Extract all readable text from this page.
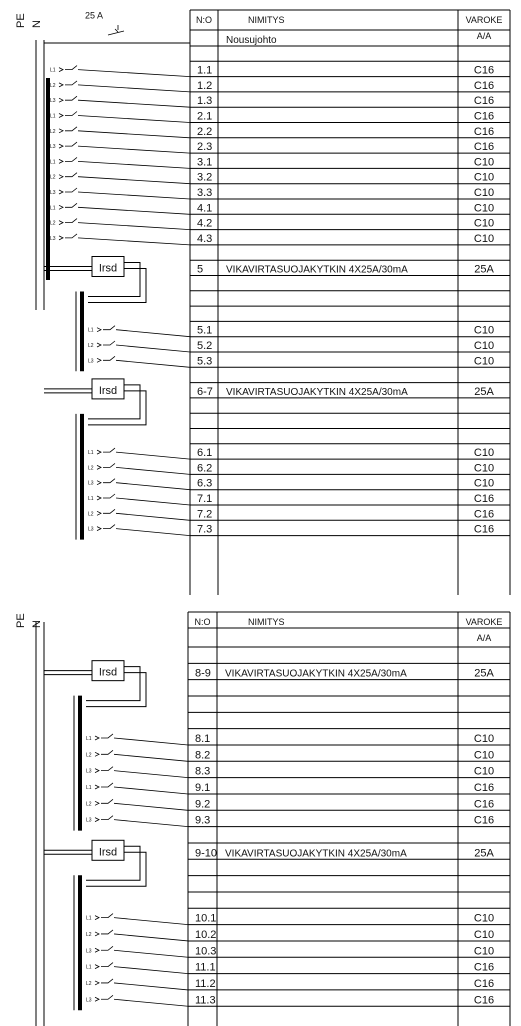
PE N	N:O	NIMITYS	VAROKE
A/A
Nousujohto
25 A
1.1	C16
L1
1.2	C16
L2
1.3	C16
L3
2.1	C16
L1
2.2	C16
L2
2.3	C16
L3
3.1	C10
L1
3.2	C10
L2
3.3	C10
L3
4.1	C10
L1
4.2	C10
L2
4.3	C10
L3
5 VIKAVIRTASUOJAKYTKIN 4X25A/30mA	25A
Irsd
5.1	C10
L1
5.2	C10
L2
5.3	C10
L3
6-7 VIKAVIRTASUOJAKYTKIN 4X25A/30mA	25A
Irsd
6.1	C10
L1
6.2	C10
L2
6.3	C10
L3
7.1	C16
L1
7.2	C16
L2
7.3	C16
L3
PE N	N:O	NIMITYS	VAROKE
A/A
8-9 VIKAVIRTASUOJAKYTKIN 4X25A/30mA	25A
Irsd
8.1	C10
L1
8.2	C10
L2
8.3	C10
L3
9.1	C16
L1
9.2	C16
L2
9.3	C16
L3
9-10 VIKAVIRTASUOJAKYTKIN 4X25A/30mA	25A
Irsd
10.1	C10
L1
10.2	C10
L2
10.3	C10
L3
11.1	C16
L1
11.2	C16
L2
11.3	C16
L3
